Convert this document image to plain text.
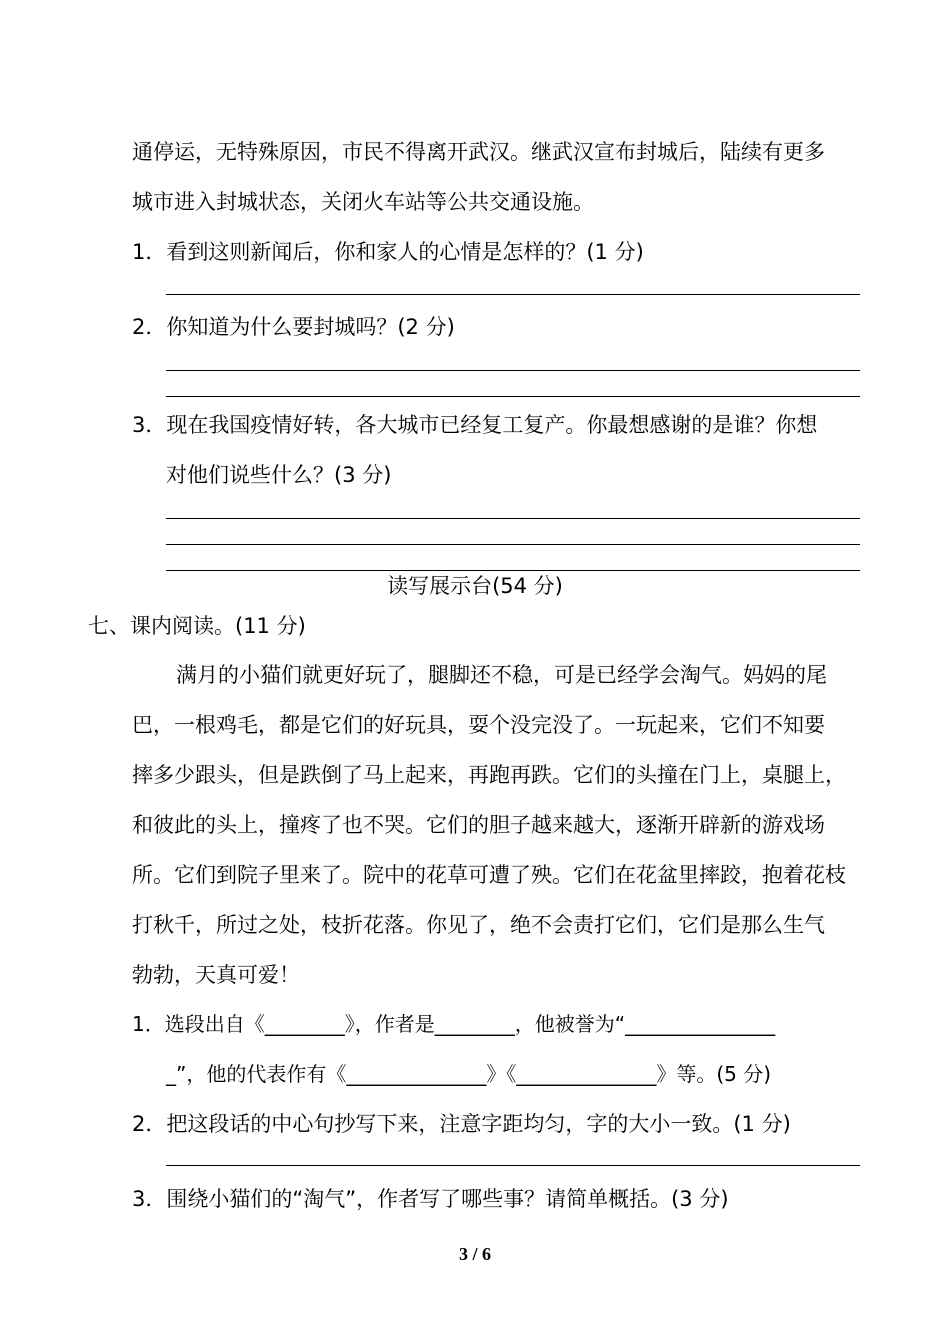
通停运，无特殊原因，市民不得离开武汉。继武汉宣布封城后，陆续有更多
城市进入封城状态，关闭火车站等公共交通设施。
1．看到这则新闻后，你和家人的心情是怎样的？(1 分)
2．你知道为什么要封城吗？(2 分)
3．现在我国疫情好转，各大城市已经复工复产。你最想感谢的是谁？你想
对他们说些什么？(3 分)
读写展示台(54 分)
七、课内阅读。(11 分)
满月的小猫们就更好玩了，腿脚还不稳，可是已经学会淘气。妈妈的尾
巴，一根鸡毛，都是它们的好玩具，耍个没完没了。一玩起来，它们不知要
摔多少跟头，但是跌倒了马上起来，再跑再跌。它们的头撞在门上，桌腿上，
和彼此的头上，撞疼了也不哭。它们的胆子越来越大，逐渐开辟新的游戏场
所。它们到院子里来了。院中的花草可遭了殃。它们在花盆里摔跤，抱着花枝
打秋千，所过之处，枝折花落。你见了，绝不会责打它们，它们是那么生气
勃勃，天真可爱！
1．选段出自《________》，作者是________，他被誉为“_______________
_”，他的代表作有《______________》《______________》等。(5 分)
2．把这段话的中心句抄写下来，注意字距均匀，字的大小一致。(1 分)
3．围绕小猫们的“淘气”，作者写了哪些事？请简单概括。(3 分)
3 / 6
